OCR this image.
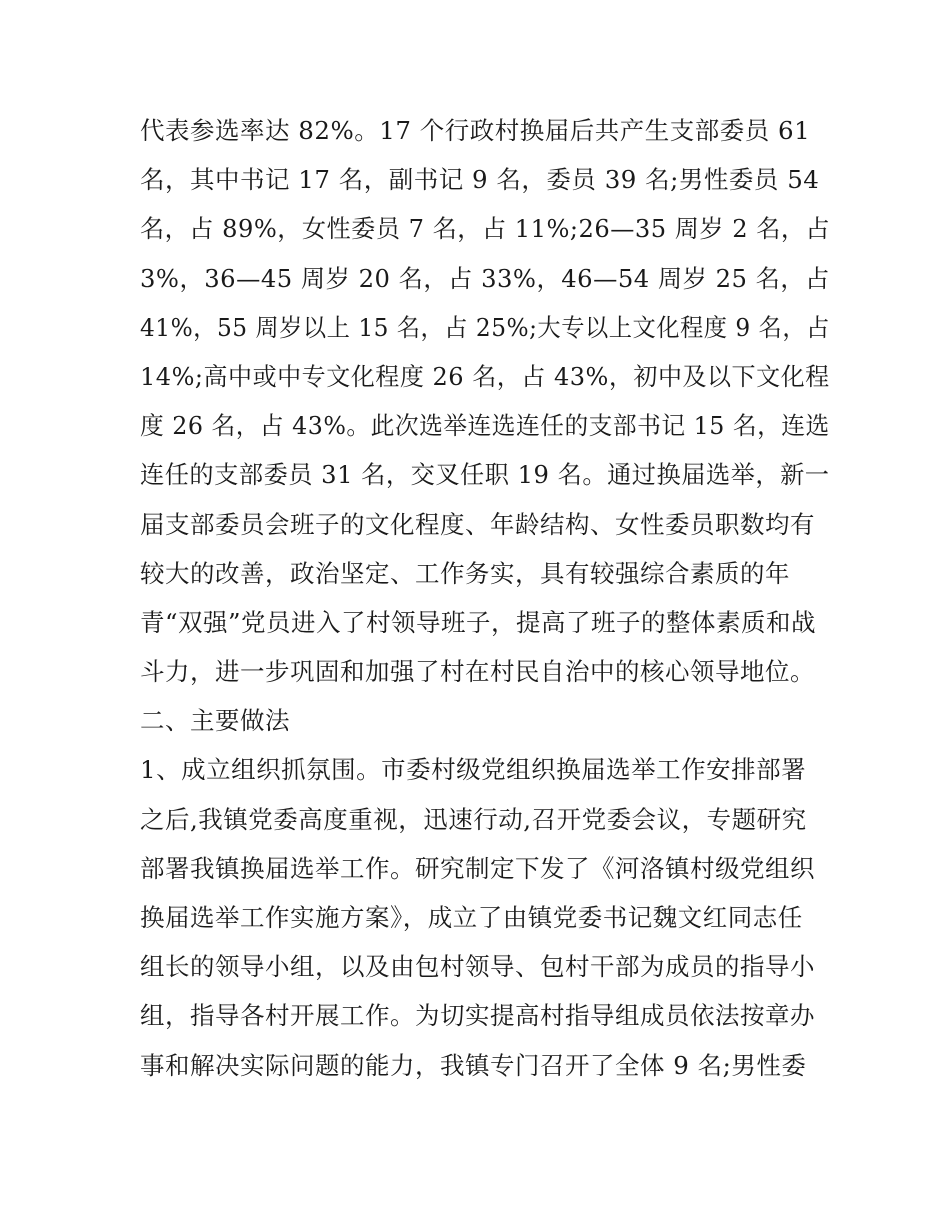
代表参选率达 82%。17 个行政村换届后共产生支部委员 61
名，其中书记 17 名，副书记 9 名，委员 39 名;男性委员 54
名，占 89%，女性委员 7 名，占 11%;26—35 周岁 2 名，占
3%，36—45 周岁 20 名，占 33%，46—54 周岁 25 名，占
41%，55 周岁以上 15 名，占 25%;大专以上文化程度 9 名，占
14%;高中或中专文化程度 26 名，占 43%，初中及以下文化程
度 26 名，占 43%。此次选举连选连任的支部书记 15 名，连选
连任的支部委员 31 名，交叉任职 19 名。通过换届选举，新一
届支部委员会班子的文化程度、年龄结构、女性委员职数均有
较大的改善，政治坚定、工作务实，具有较强综合素质的年
青“双强”党员进入了村领导班子，提高了班子的整体素质和战
斗力，进一步巩固和加强了村在村民自治中的核心领导地位。
二、主要做法
1、成立组织抓氛围。市委村级党组织换届选举工作安排部署
之后,我镇党委高度重视，迅速行动,召开党委会议，专题研究
部署我镇换届选举工作。研究制定下发了《河洛镇村级党组织
换届选举工作实施方案》，成立了由镇党委书记魏文红同志任
组长的领导小组，以及由包村领导、包村干部为成员的指导小
组，指导各村开展工作。为切实提高村指导组成员依法按章办
事和解决实际问题的能力，我镇专门召开了全体 9 名;男性委
